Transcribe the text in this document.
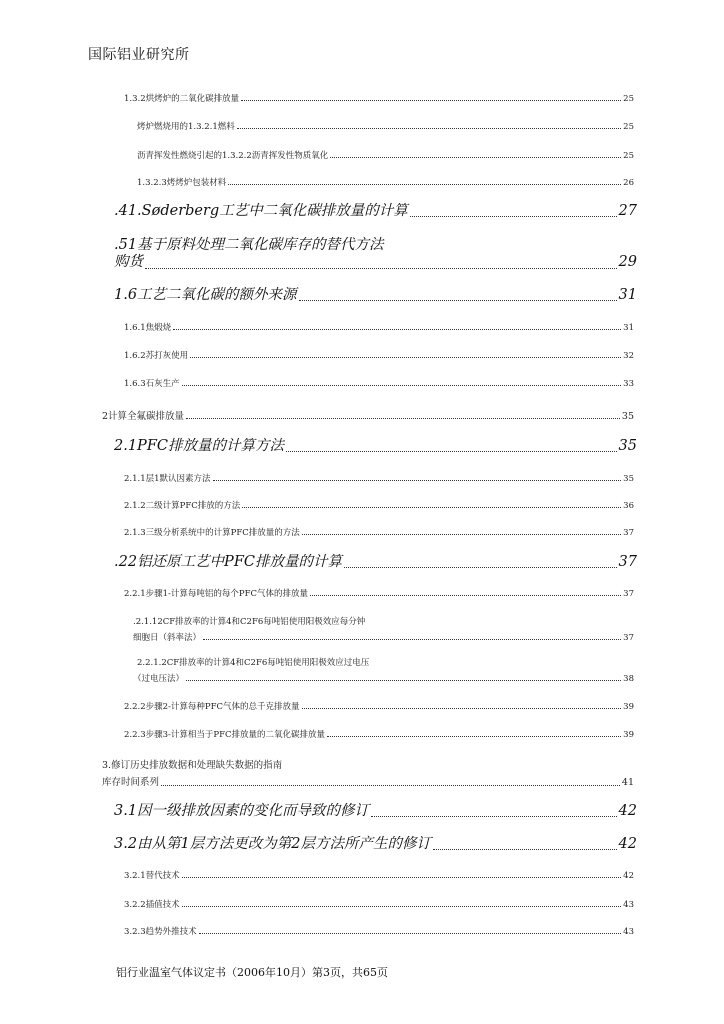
国际铝业研究所
1.3.2烘烤炉的二氧化碳排放量	25
烤炉燃烧用的1.3.2.1燃料	25
沥青挥发性燃烧引起的1.3.2.2沥青挥发性物质氧化	25
1.3.2.3烤烤炉包装材料	26
.41.Søderberg工艺中二氧化碳排放量的计算	27
.51基于原料处理二氧化碳库存的替代方法
购货	29
1.6工艺二氧化碳的额外来源	31
1.6.1焦煅烧	31
1.6.2苏打灰使用	32
1.6.3石灰生产	33
2计算全氟碳排放量	35
2.1PFC排放量的计算方法	35
2.1.1层1默认因素方法	35
2.1.2二级计算PFC排放的方法	36
2.1.3三级分析系统中的计算PFC排放量的方法	37
.22铝还原工艺中PFC排放量的计算	37
2.2.1步骤1-计算每吨铝的每个PFC气体的排放量	37
.2.1.12CF排放率的计算4和C2F6每吨铝使用阳极效应每分钟
细胞日（斜率法）	37
2.2.1.2CF排放率的计算4和C2F6每吨铝使用阳极效应过电压
（过电压法）	38
2.2.2步骤2-计算每种PFC气体的总千克排放量	39
2.2.3步骤3-计算相当于PFC排放量的二氧化碳排放量	39
3.修订历史排放数据和处理缺失数据的指南
库存时间系列	41
3.1因一级排放因素的变化而导致的修订	42
3.2由从第1层方法更改为第2层方法所产生的修订	42
3.2.1替代技术	42
3.2.2插值技术	43
3.2.3趋势外推技术	43
铝行业温室气体议定书（2006年10月）第3页，共65页
